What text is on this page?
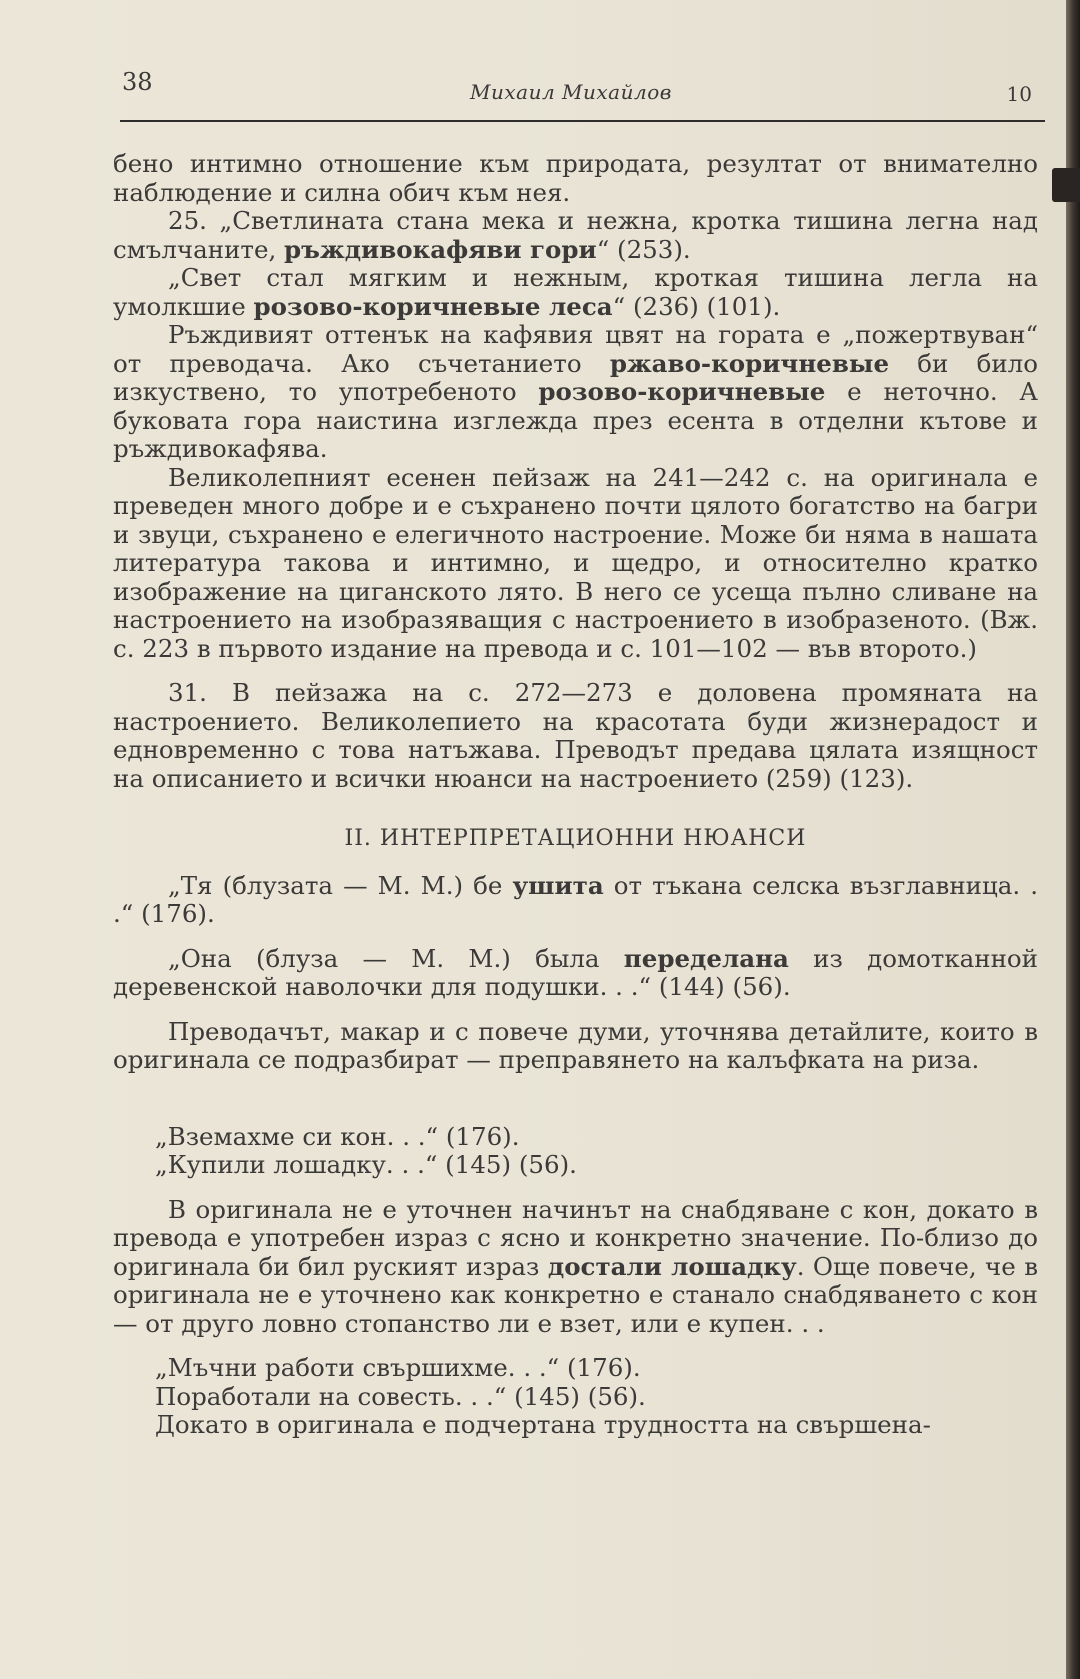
38	Михаил Михайлов	10

бено интимно отношение към природата, резултат от внимателно наблюдение и силна обич към нея.

25. „Светлината стана мека и нежна, кротка тишина легна над смълчаните, ръждивокафяви гори“ (253).

„Свет стал мягким и нежным, кроткая тишина легла на умолкшие розово-коричневые леса“ (236) (101).

Ръждивият оттенък на кафявия цвят на гората е „пожертвуван“ от преводача. Ако съчетанието ржаво-коричневые би било изкуствено, то употребеното розово-коричневые е неточно. А буковата гора наистина изглежда през есента в отделни кътове и ръждивокафява.

Великолепният есенен пейзаж на 241—242 с. на оригинала е преведен много добре и е съхранено почти цялото богатство на багри и звуци, съхранено е елегичното настроение. Може би няма в нашата литература такова и интимно, и щедро, и относително кратко изображение на циганското лято. В него се усеща пълно сливане на настроението на изобразяващия с настроението в изобразеното. (Вж. с. 223 в първото издание на превода и с. 101—102 — във второто.)

31. В пейзажа на с. 272—273 е доловена промяната на настроението. Великолепието на красотата буди жизнерадост и едновременно с това натъжава. Преводът предава цялата изящност на описанието и всички нюанси на настроението (259) (123).

II. ИНТЕРПРЕТАЦИОННИ НЮАНСИ

„Тя (блузата — М. М.) бе ушита от тъкана селска възглавница. . .“ (176).

„Она (блуза — М. М.) была переделана из домотканной деревенской наволочки для подушки. . .“ (144) (56).

Преводачът, макар и с повече думи, уточнява детайлите, които в оригинала се подразбират — преправянето на калъфката на риза.

„Вземахме си кон. . .“ (176).

„Купили лошадку. . .“ (145) (56).

В оригинала не е уточнен начинът на снабдяване с кон, докато в превода е употребен израз с ясно и конкретно значение. По-близо до оригинала би бил руският израз достали лошадку. Още повече, че в оригинала не е уточнено как конкретно е станало снабдяването с кон — от друго ловно стопанство ли е взет, или е купен. . .

„Мъчни работи свършихме. . .“ (176).

Поработали на совесть. . .“ (145) (56).

Докато в оригинала е подчертана трудността на свършена-
